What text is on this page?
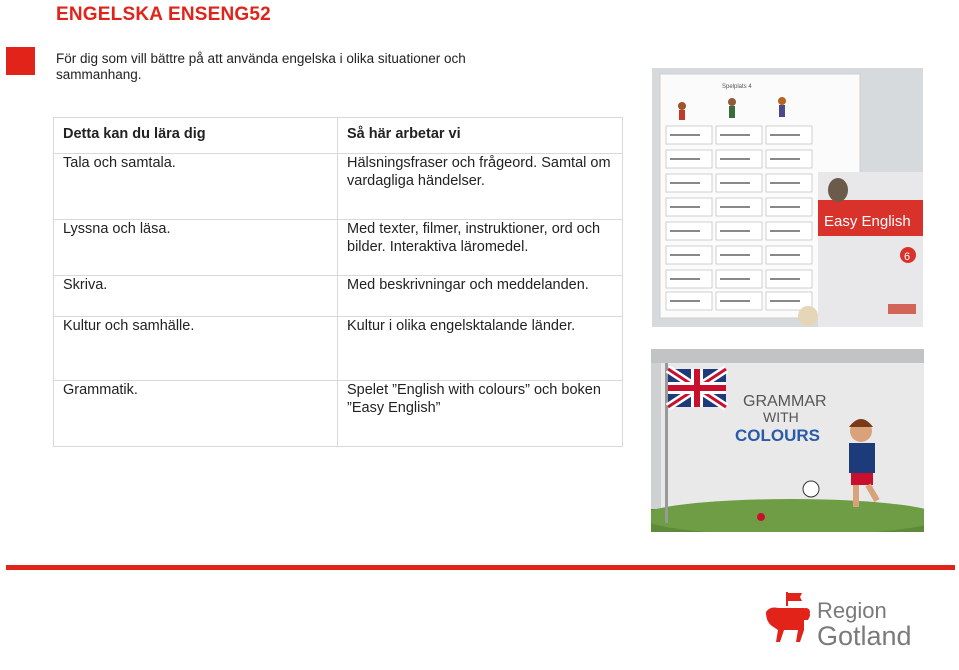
ENGELSKA ENSENG52
För dig som vill bättre på att använda engelska i olika situationer och sammanhang.
Detta kan du lära dig	Så här arbetar vi
Tala och samtala.	Hälsningsfraser och frågeord. Samtal om vardagliga händelser.
Lyssna och läsa.	Med texter, filmer, instruktioner, ord och bilder. Interaktiva läromedel.
Skriva.	Med beskrivningar och meddelanden.
Kultur och samhälle.	Kultur i olika engelsktalande länder.
Grammatik.	Spelet ”English with colours” och boken ”Easy English”
Spelplats 4
Easy English
6
GRAMMAR
WITH
COLOURS
Region
Gotland
